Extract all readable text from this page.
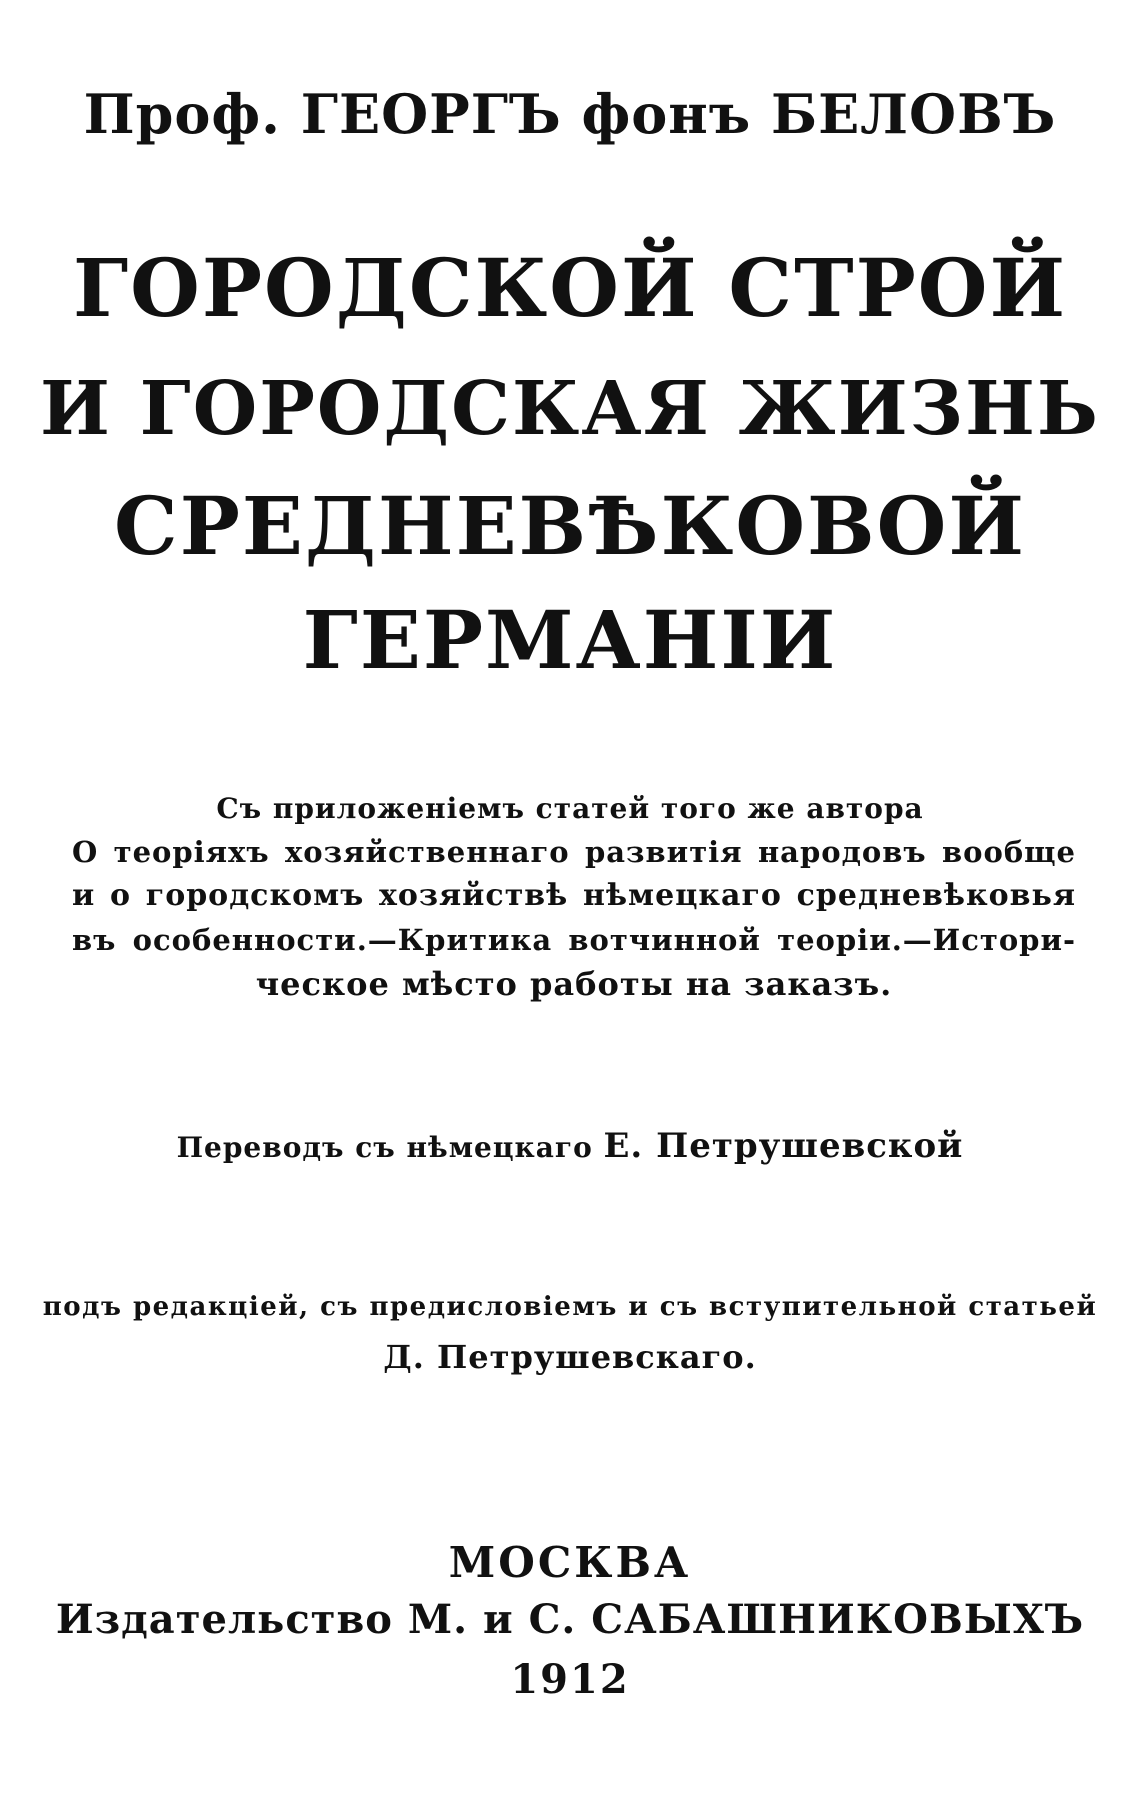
Проф. ГЕОРГЪ фонъ БЕЛОВЪ
ГОРОДСКОЙ СТРОЙ
И ГОРОДСКАЯ ЖИЗНЬ
СРЕДНЕВѢКОВОЙ
ГЕРМАНІИ
Съ приложеніемъ статей того же автора
О теоріяхъ хозяйственнаго развитія народовъ вообще
и о городскомъ хозяйствѣ нѣмецкаго средневѣковья
въ особенности.—Критика вотчинной теоріи.—Истори-
ческое мѣсто работы на заказъ.
Переводъ съ нѣмецкаго Е. Петрушевской
подъ редакціей, съ предисловіемъ и съ вступительной статьей
Д. Петрушевскаго.
МОСКВА
Издательство М. и С. САБАШНИКОВЫХЪ
1912
